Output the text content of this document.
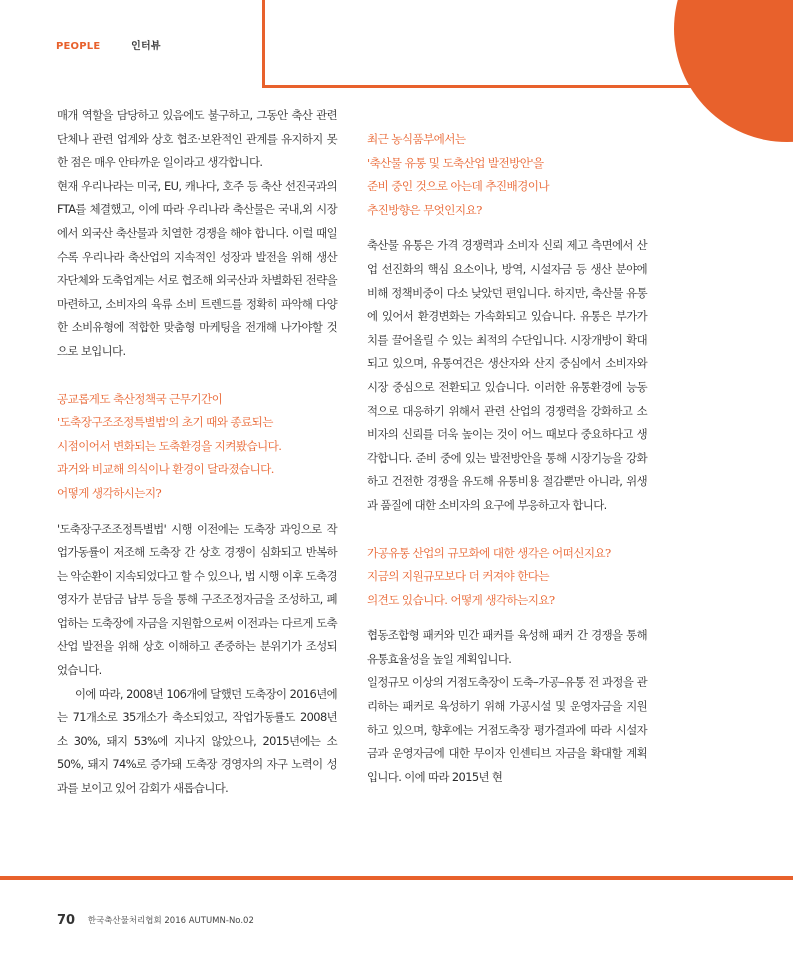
PEOPLE	인터뷰

매개 역할을 담당하고 있음에도 불구하고, 그동안 축산 관련단체나 관련 업계와 상호 협조·보완적인 관계를 유지하지 못한 점은 매우 안타까운 일이라고 생각합니다.

현재 우리나라는 미국, EU, 캐나다, 호주 등 축산 선진국과의 FTA를 체결했고, 이에 따라 우리나라 축산물은 국내,외 시장에서 외국산 축산물과 치열한 경쟁을 해야 합니다. 이럴 때일수록 우리나라 축산업의 지속적인 성장과 발전을 위해 생산자단체와 도축업계는 서로 협조해 외국산과 차별화된 전략을 마련하고, 소비자의 육류 소비 트렌드를 정확히 파악해 다양한 소비유형에 적합한 맞춤형 마케팅을 전개해 나가야할 것으로 보입니다.

공교롭게도 축산정책국 근무기간이
'도축장구조조정특별법'의 초기 때와 종료되는
시점이어서 변화되는 도축환경을 지켜봤습니다.
과거와 비교해 의식이나 환경이 달라졌습니다.
어떻게 생각하시는지?

'도축장구조조정특별법' 시행 이전에는 도축장 과잉으로 작업가동률이 저조해 도축장 간 상호 경쟁이 심화되고 반복하는 악순환이 지속되었다고 할 수 있으나, 법 시행 이후 도축경영자가 분담금 납부 등을 통해 구조조정자금을 조성하고, 폐업하는 도축장에 자금을 지원함으로써 이전과는 다르게 도축산업 발전을 위해 상호 이해하고 존중하는 분위기가 조성되었습니다.

이에 따라, 2008년 106개에 달했던 도축장이 2016년에는 71개소로 35개소가 축소되었고, 작업가동률도 2008년 소 30%, 돼지 53%에 지나지 않았으나, 2015년에는 소 50%, 돼지 74%로 증가돼 도축장 경영자의 자구 노력이 성과를 보이고 있어 감회가 새롭습니다.

최근 농식품부에서는
'축산물 유통 및 도축산업 발전방안'을
준비 중인 것으로 아는데 추진배경이나
추진방향은 무엇인지요?

축산물 유통은 가격 경쟁력과 소비자 신뢰 제고 측면에서 산업 선진화의 핵심 요소이나, 방역, 시설자금 등 생산 분야에 비해 정책비중이 다소 낮았던 편입니다. 하지만, 축산물 유통에 있어서 환경변화는 가속화되고 있습니다. 유통은 부가가치를 끌어올릴 수 있는 최적의 수단입니다. 시장개방이 확대되고 있으며, 유통여건은 생산자와 산지 중심에서 소비자와 시장 중심으로 전환되고 있습니다. 이러한 유통환경에 능동적으로 대응하기 위해서 관련 산업의 경쟁력을 강화하고 소비자의 신뢰를 더욱 높이는 것이 어느 때보다 중요하다고 생각합니다. 준비 중에 있는 발전방안을 통해 시장기능을 강화하고 건전한 경쟁을 유도해 유통비용 절감뿐만 아니라, 위생과 품질에 대한 소비자의 요구에 부응하고자 합니다.

가공유통 산업의 규모화에 대한 생각은 어떠신지요?
지금의 지원규모보다 더 커져야 한다는
의견도 있습니다. 어떻게 생각하는지요?

협동조합형 패커와 민간 패커를 육성해 패커 간 경쟁을 통해 유통효율성을 높일 계획입니다.

일정규모 이상의 거점도축장이 도축–가공–유통 전 과정을 관리하는 패커로 육성하기 위해 가공시설 및 운영자금을 지원하고 있으며, 향후에는 거점도축장 평가결과에 따라 시설자금과 운영자금에 대한 무이자 인센티브 자금을 확대할 계획입니다. 이에 따라 2015년 현

70 한국축산물처리협회 2016 AUTUMN-No.02
